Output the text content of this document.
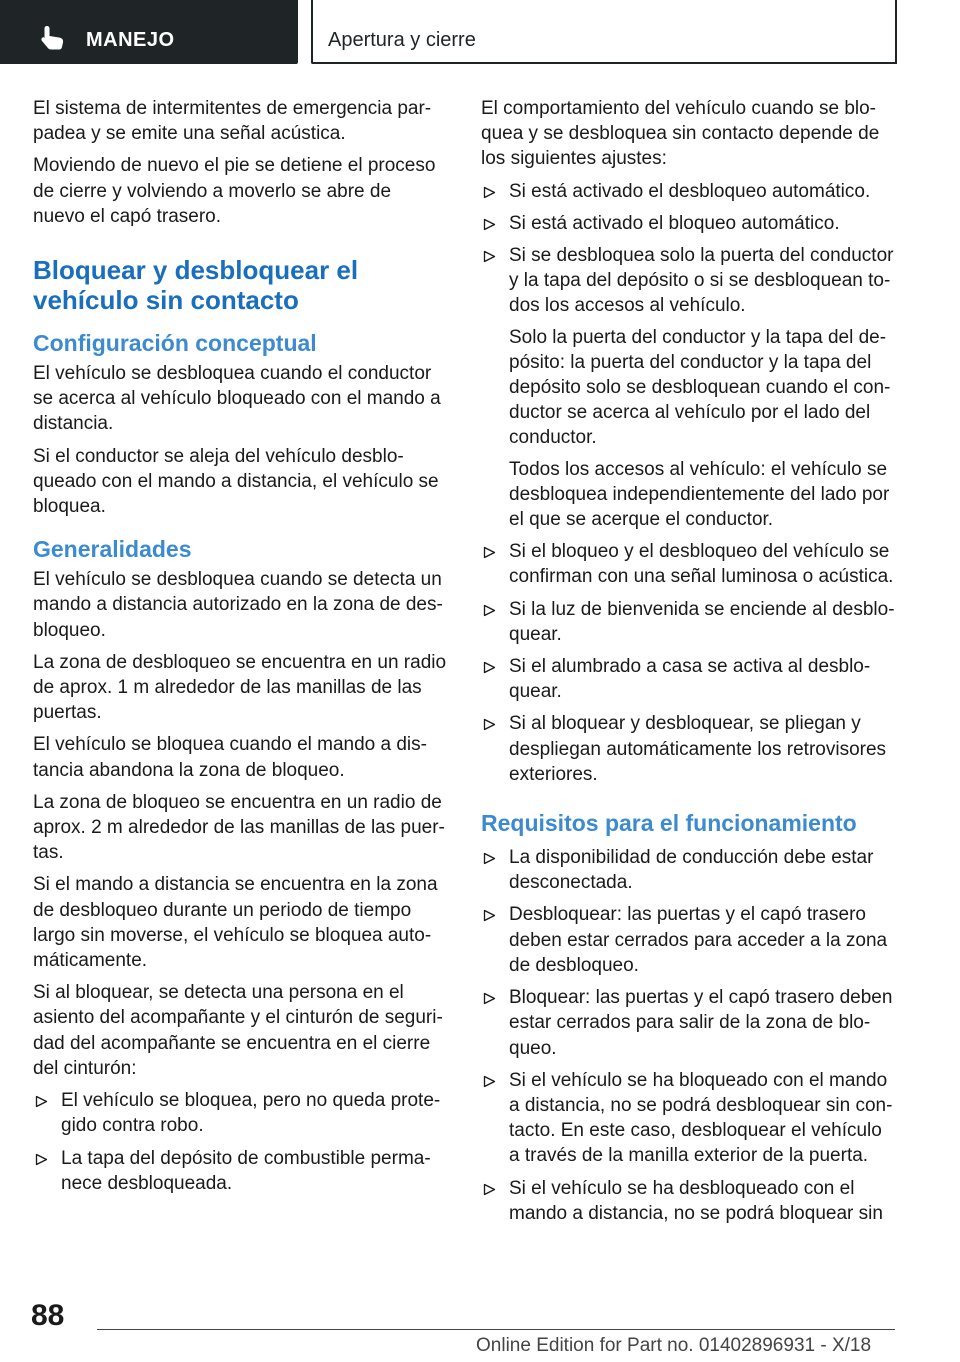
MANEJO	Apertura y cierre

El sistema de intermitentes de emergencia par- padea y se emite una señal acústica.

Moviendo de nuevo el pie se detiene el proceso de cierre y volviendo a moverlo se abre de nuevo el capó trasero.

Bloquear y desbloquear el vehículo sin contacto
Configuración conceptual

El vehículo se desbloquea cuando el conductor se acerca al vehículo bloqueado con el mando a distancia.

Si el conductor se aleja del vehículo desblo- queado con el mando a distancia, el vehículo se bloquea.

Generalidades

El vehículo se desbloquea cuando se detecta un mando a distancia autorizado en la zona de des- bloqueo.

La zona de desbloqueo se encuentra en un radio de aprox. 1 m alrededor de las manillas de las puertas.

El vehículo se bloquea cuando el mando a dis- tancia abandona la zona de bloqueo.

La zona de bloqueo se encuentra en un radio de aprox. 2 m alrededor de las manillas de las puer- tas.

Si el mando a distancia se encuentra en la zona de desbloqueo durante un periodo de tiempo largo sin moverse, el vehículo se bloquea auto- máticamente.

Si al bloquear, se detecta una persona en el asiento del acompañante y el cinturón de seguri- dad del acompañante se encuentra en el cierre del cinturón:

El vehículo se bloquea, pero no queda prote- gido contra robo.
La tapa del depósito de combustible perma- nece desbloqueada.

El comportamiento del vehículo cuando se blo- quea y se desbloquea sin contacto depende de los siguientes ajustes:

Si está activado el desbloqueo automático.
Si está activado el bloqueo automático.
Si se desbloquea solo la puerta del conductor y la tapa del depósito o si se desbloquean to- dos los accesos al vehículo.
Solo la puerta del conductor y la tapa del de- pósito: la puerta del conductor y la tapa del depósito solo se desbloquean cuando el con- ductor se acerca al vehículo por el lado del conductor.
Todos los accesos al vehículo: el vehículo se desbloquea independientemente del lado por el que se acerque el conductor.
Si el bloqueo y el desbloqueo del vehículo se confirman con una señal luminosa o acústica.
Si la luz de bienvenida se enciende al desblo- quear.
Si el alumbrado a casa se activa al desblo- quear.
Si al bloquear y desbloquear, se pliegan y despliegan automáticamente los retrovisores exteriores.
Requisitos para el funcionamiento
La disponibilidad de conducción debe estar desconectada.
Desbloquear: las puertas y el capó trasero deben estar cerrados para acceder a la zona de desbloqueo.
Bloquear: las puertas y el capó trasero deben estar cerrados para salir de la zona de blo- queo.
Si el vehículo se ha bloqueado con el mando a distancia, no se podrá desbloquear sin con- tacto. En este caso, desbloquear el vehículo a través de la manilla exterior de la puerta.
Si el vehículo se ha desbloqueado con el mando a distancia, no se podrá bloquear sin
88
Online Edition for Part no. 01402896931 - X/18
